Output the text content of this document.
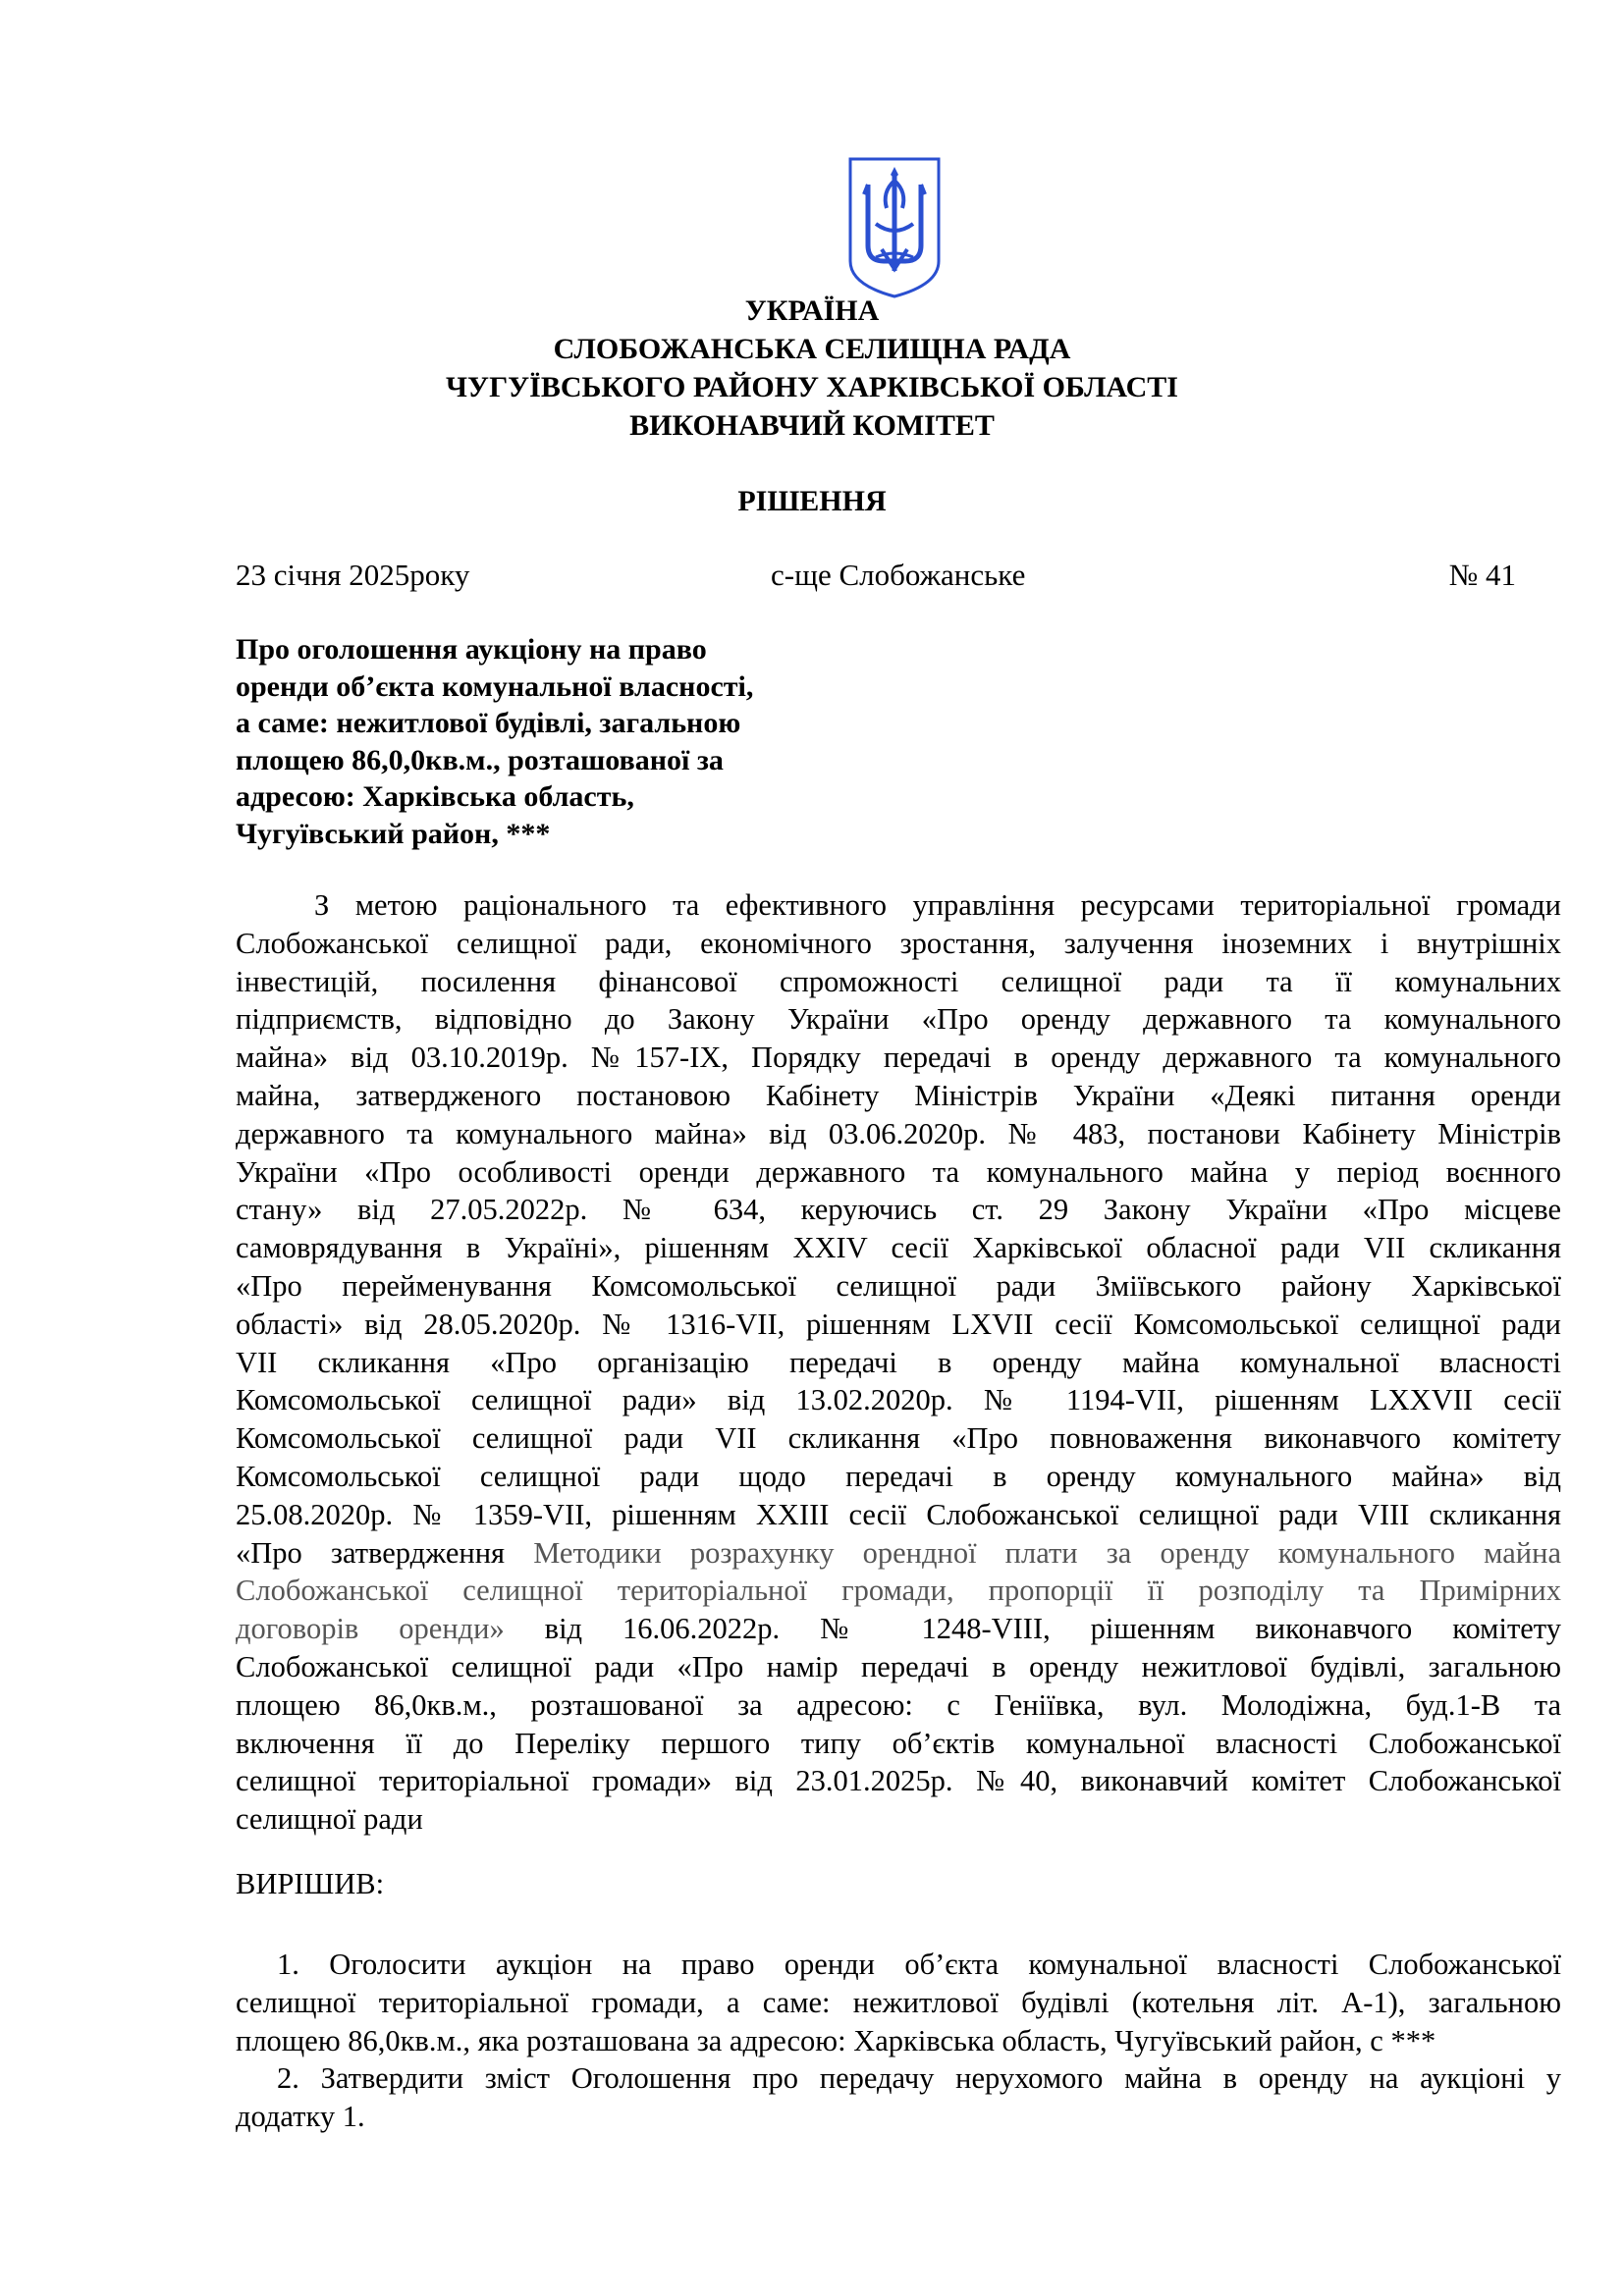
УКРАЇНА
СЛОБОЖАНСЬКА СЕЛИЩНА РАДА
ЧУГУЇВСЬКОГО РАЙОНУ ХАРКІВСЬКОЇ ОБЛАСТІ
ВИКОНАВЧИЙ КОМІТЕТ
РІШЕННЯ
23 січня 2025року	с-ще Слобожанське	№ 41
Про оголошення аукціону на право
оренди об’єкта комунальної власності,
а саме: нежитлової будівлі, загальною
площею 86,0,0кв.м., розташованої за
адресою: Харківська область,
Чугуївський район, ***
З метою раціонального та ефективного управління ресурсами територіальної громади
Слобожанської селищної ради, економічного зростання, залучення іноземних і внутрішніх
інвестицій, посилення фінансової спроможності селищної ради та її комунальних
підприємств, відповідно до Закону України «Про оренду державного та комунального
майна» від 03.10.2019р. №157-IX, Порядку передачі в оренду державного та комунального
майна, затвердженого постановою Кабінету Міністрів України «Деякі питання оренди
державного та комунального майна» від 03.06.2020р. № 483, постанови Кабінету Міністрів
України «Про особливості оренди державного та комунального майна у період воєнного
стану» від 27.05.2022р. № 634, керуючись ст. 29 Закону України «Про місцеве
самоврядування в Україні», рішенням XXIV сесії Харківської обласної ради VII скликання
«Про перейменування Комсомольської селищної ради Зміївського району Харківської
області» від 28.05.2020р. № 1316-VII, рішенням LXVII сесії Комсомольської селищної ради
VII скликання «Про організацію передачі в оренду майна комунальної власності
Комсомольської селищної ради» від 13.02.2020р. № 1194-VII, рішенням LXXVII сесії
Комсомольської селищної ради VII скликання «Про повноваження виконавчого комітету
Комсомольської селищної ради щодо передачі в оренду комунального майна» від
25.08.2020р. № 1359-VII, рішенням XXIII сесії Слобожанської селищної ради VIII скликання
«Про затвердження Методики розрахунку орендної плати за оренду комунального майна
Слобожанської селищної територіальної громади, пропорції її розподілу та Примірних
договорів оренди» від 16.06.2022р. № 1248-VIII, рішенням виконавчого комітету
Слобожанської селищної ради «Про намір передачі в оренду нежитлової будівлі, загальною
площею 86,0кв.м., розташованої за адресою: с Геніївка, вул. Молодіжна, буд.1-В та
включення її до Переліку першого типу об’єктів комунальної власності Слобожанської
селищної територіальної громади» від 23.01.2025р. №40, виконавчий комітет Слобожанської
селищної ради
ВИРІШИВ:
1. Оголосити аукціон на право оренди об’єкта комунальної власності Слобожанської
селищної територіальної громади, а саме: нежитлової будівлі (котельня літ. А-1), загальною
площею 86,0кв.м., яка розташована за адресою: Харківська область, Чугуївський район, с ***
2. Затвердити зміст Оголошення про передачу нерухомого майна в оренду на аукціоні у
додатку 1.
